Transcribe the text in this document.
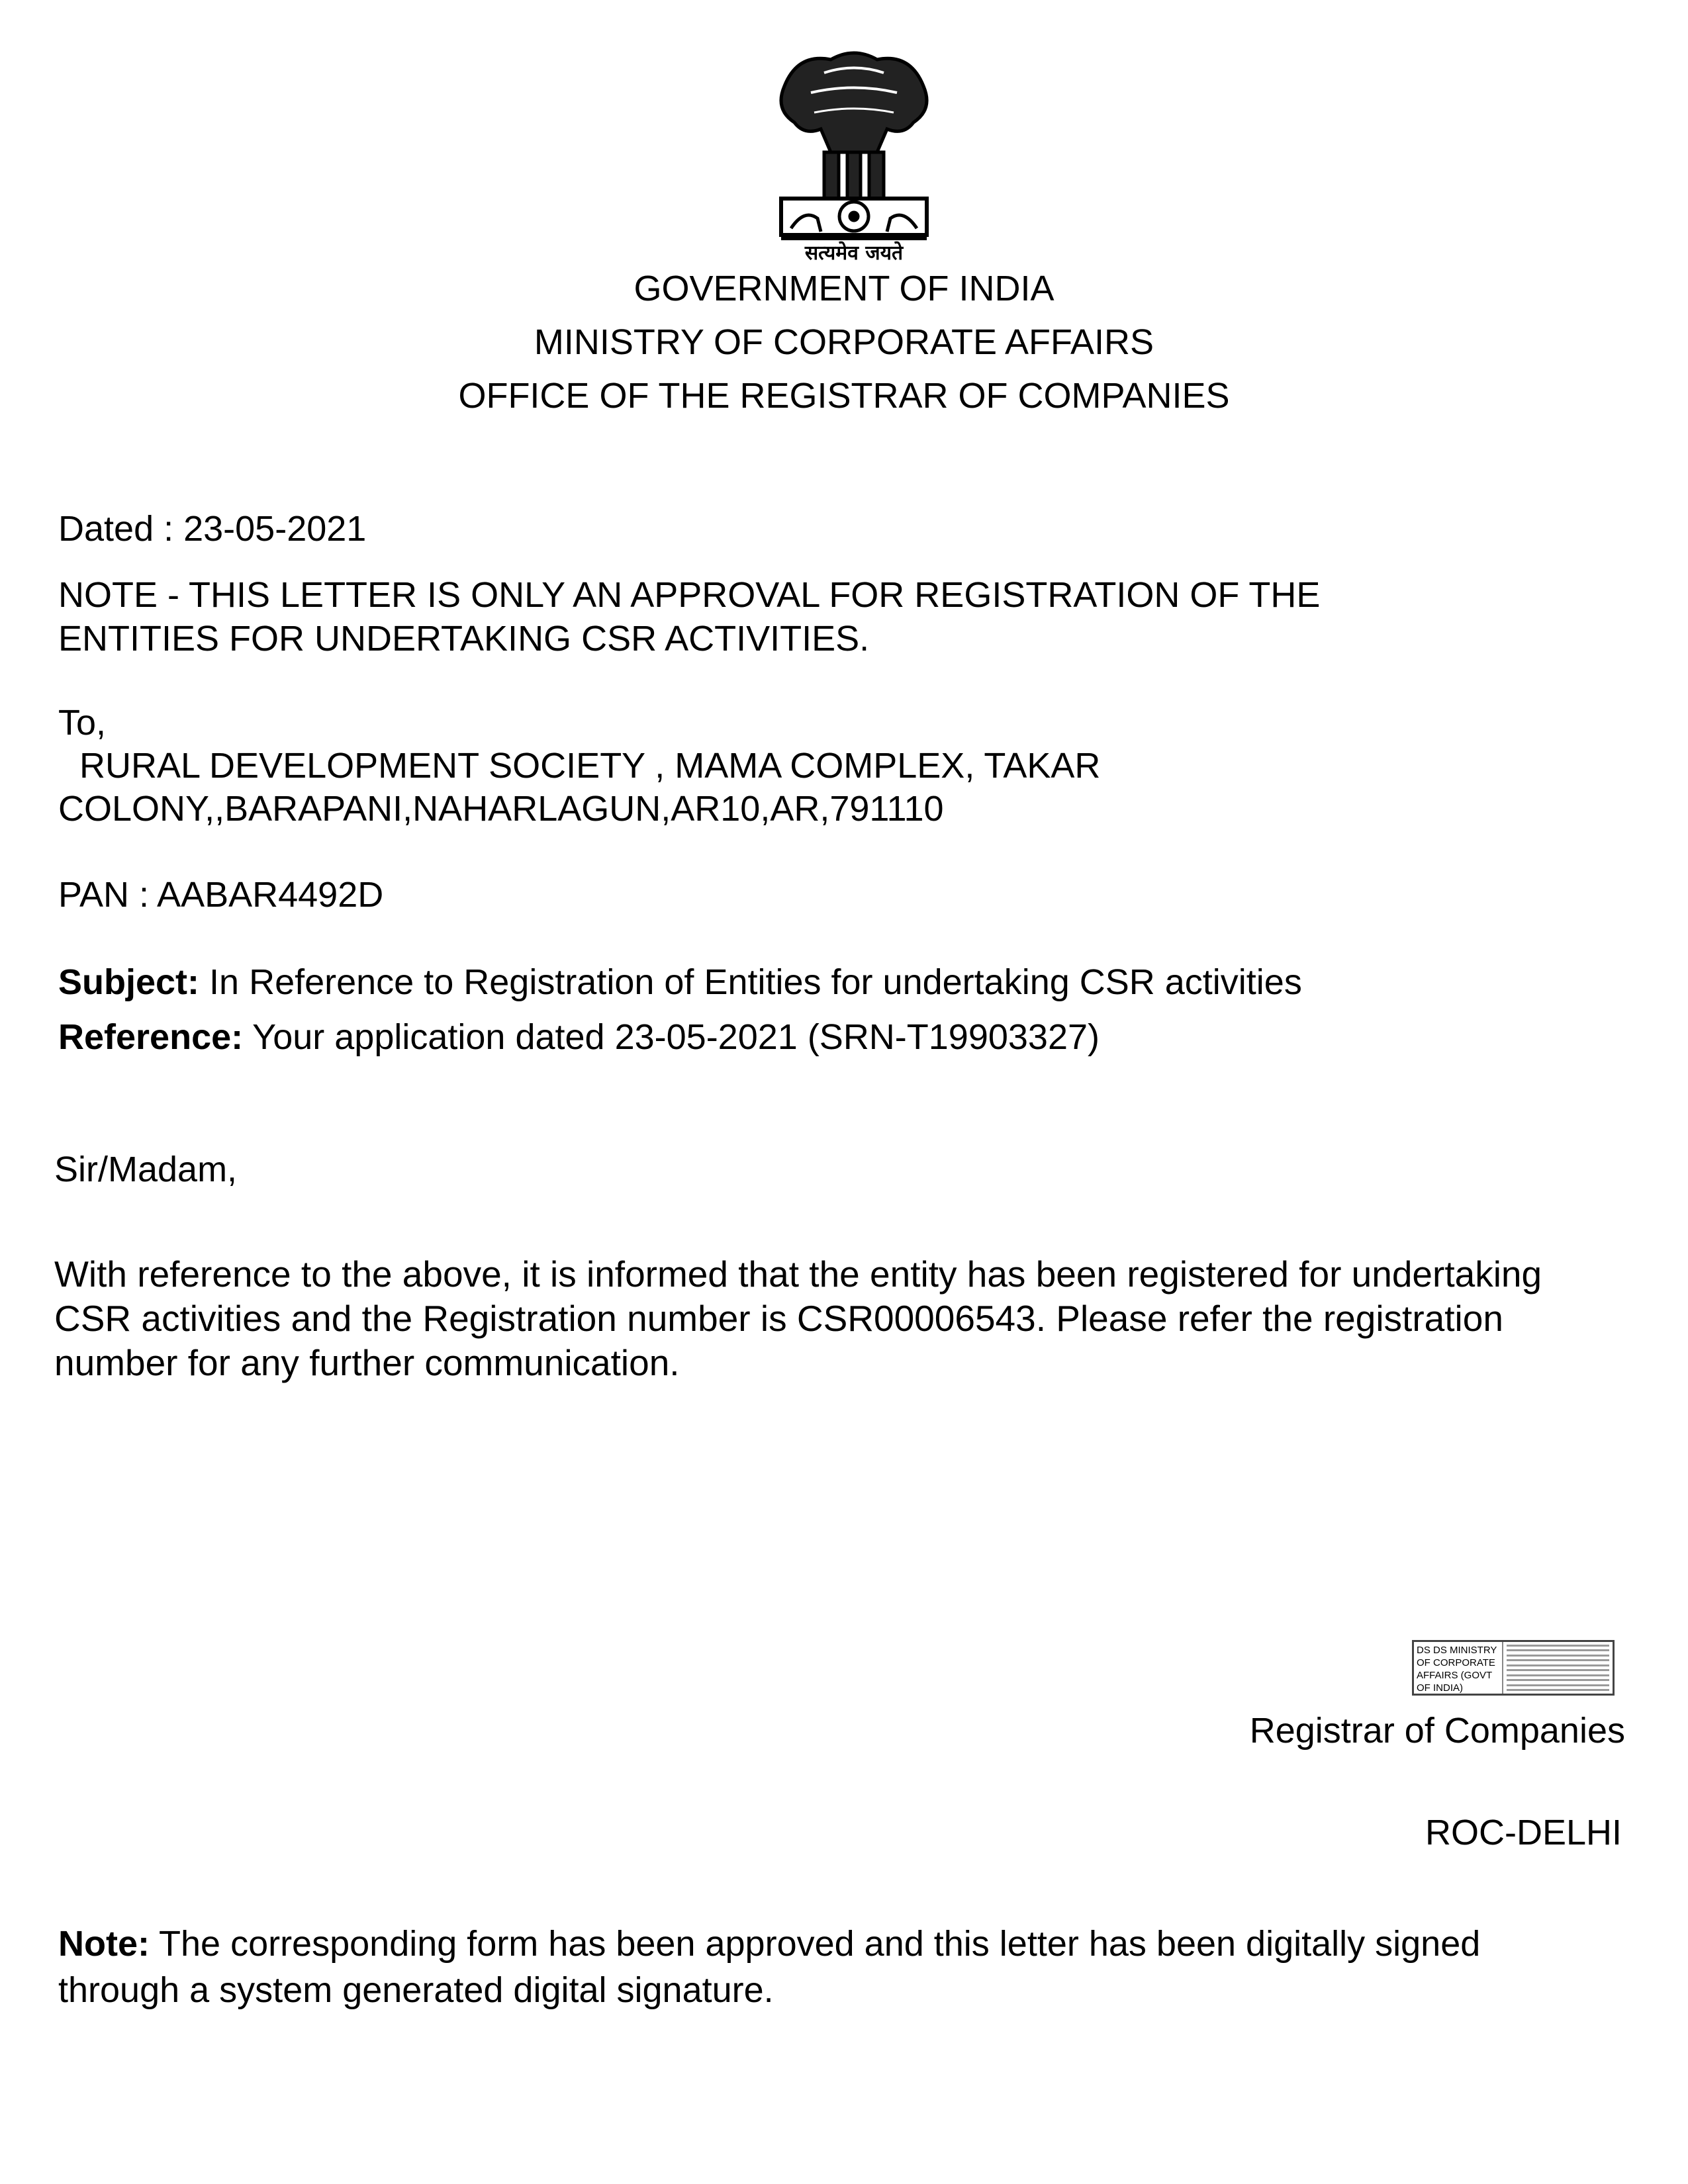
सत्यमेव जयते
GOVERNMENT OF INDIA
MINISTRY OF CORPORATE AFFAIRS
OFFICE OF THE REGISTRAR OF COMPANIES
Dated : 23-05-2021
NOTE - THIS LETTER IS ONLY AN APPROVAL FOR REGISTRATION OF THE
ENTITIES FOR UNDERTAKING CSR ACTIVITIES.
To,
RURAL DEVELOPMENT SOCIETY , MAMA COMPLEX, TAKAR
COLONY,,BARAPANI,NAHARLAGUN,AR10,AR,791110
PAN : AABAR4492D
Subject: In Reference to Registration of Entities for undertaking CSR activities
Reference: Your application dated 23-05-2021 (SRN-T19903327)
Sir/Madam,
With reference to the above, it is informed that the entity has been registered for undertaking
CSR activities and the Registration number is CSR00006543. Please refer the registration
number for any further communication.
DS DS MINISTRY OF CORPORATE AFFAIRS (GOVT OF INDIA)
Registrar of Companies
ROC-DELHI
Note: The corresponding form has been approved and this letter has been digitally signed
through a system generated digital signature.
